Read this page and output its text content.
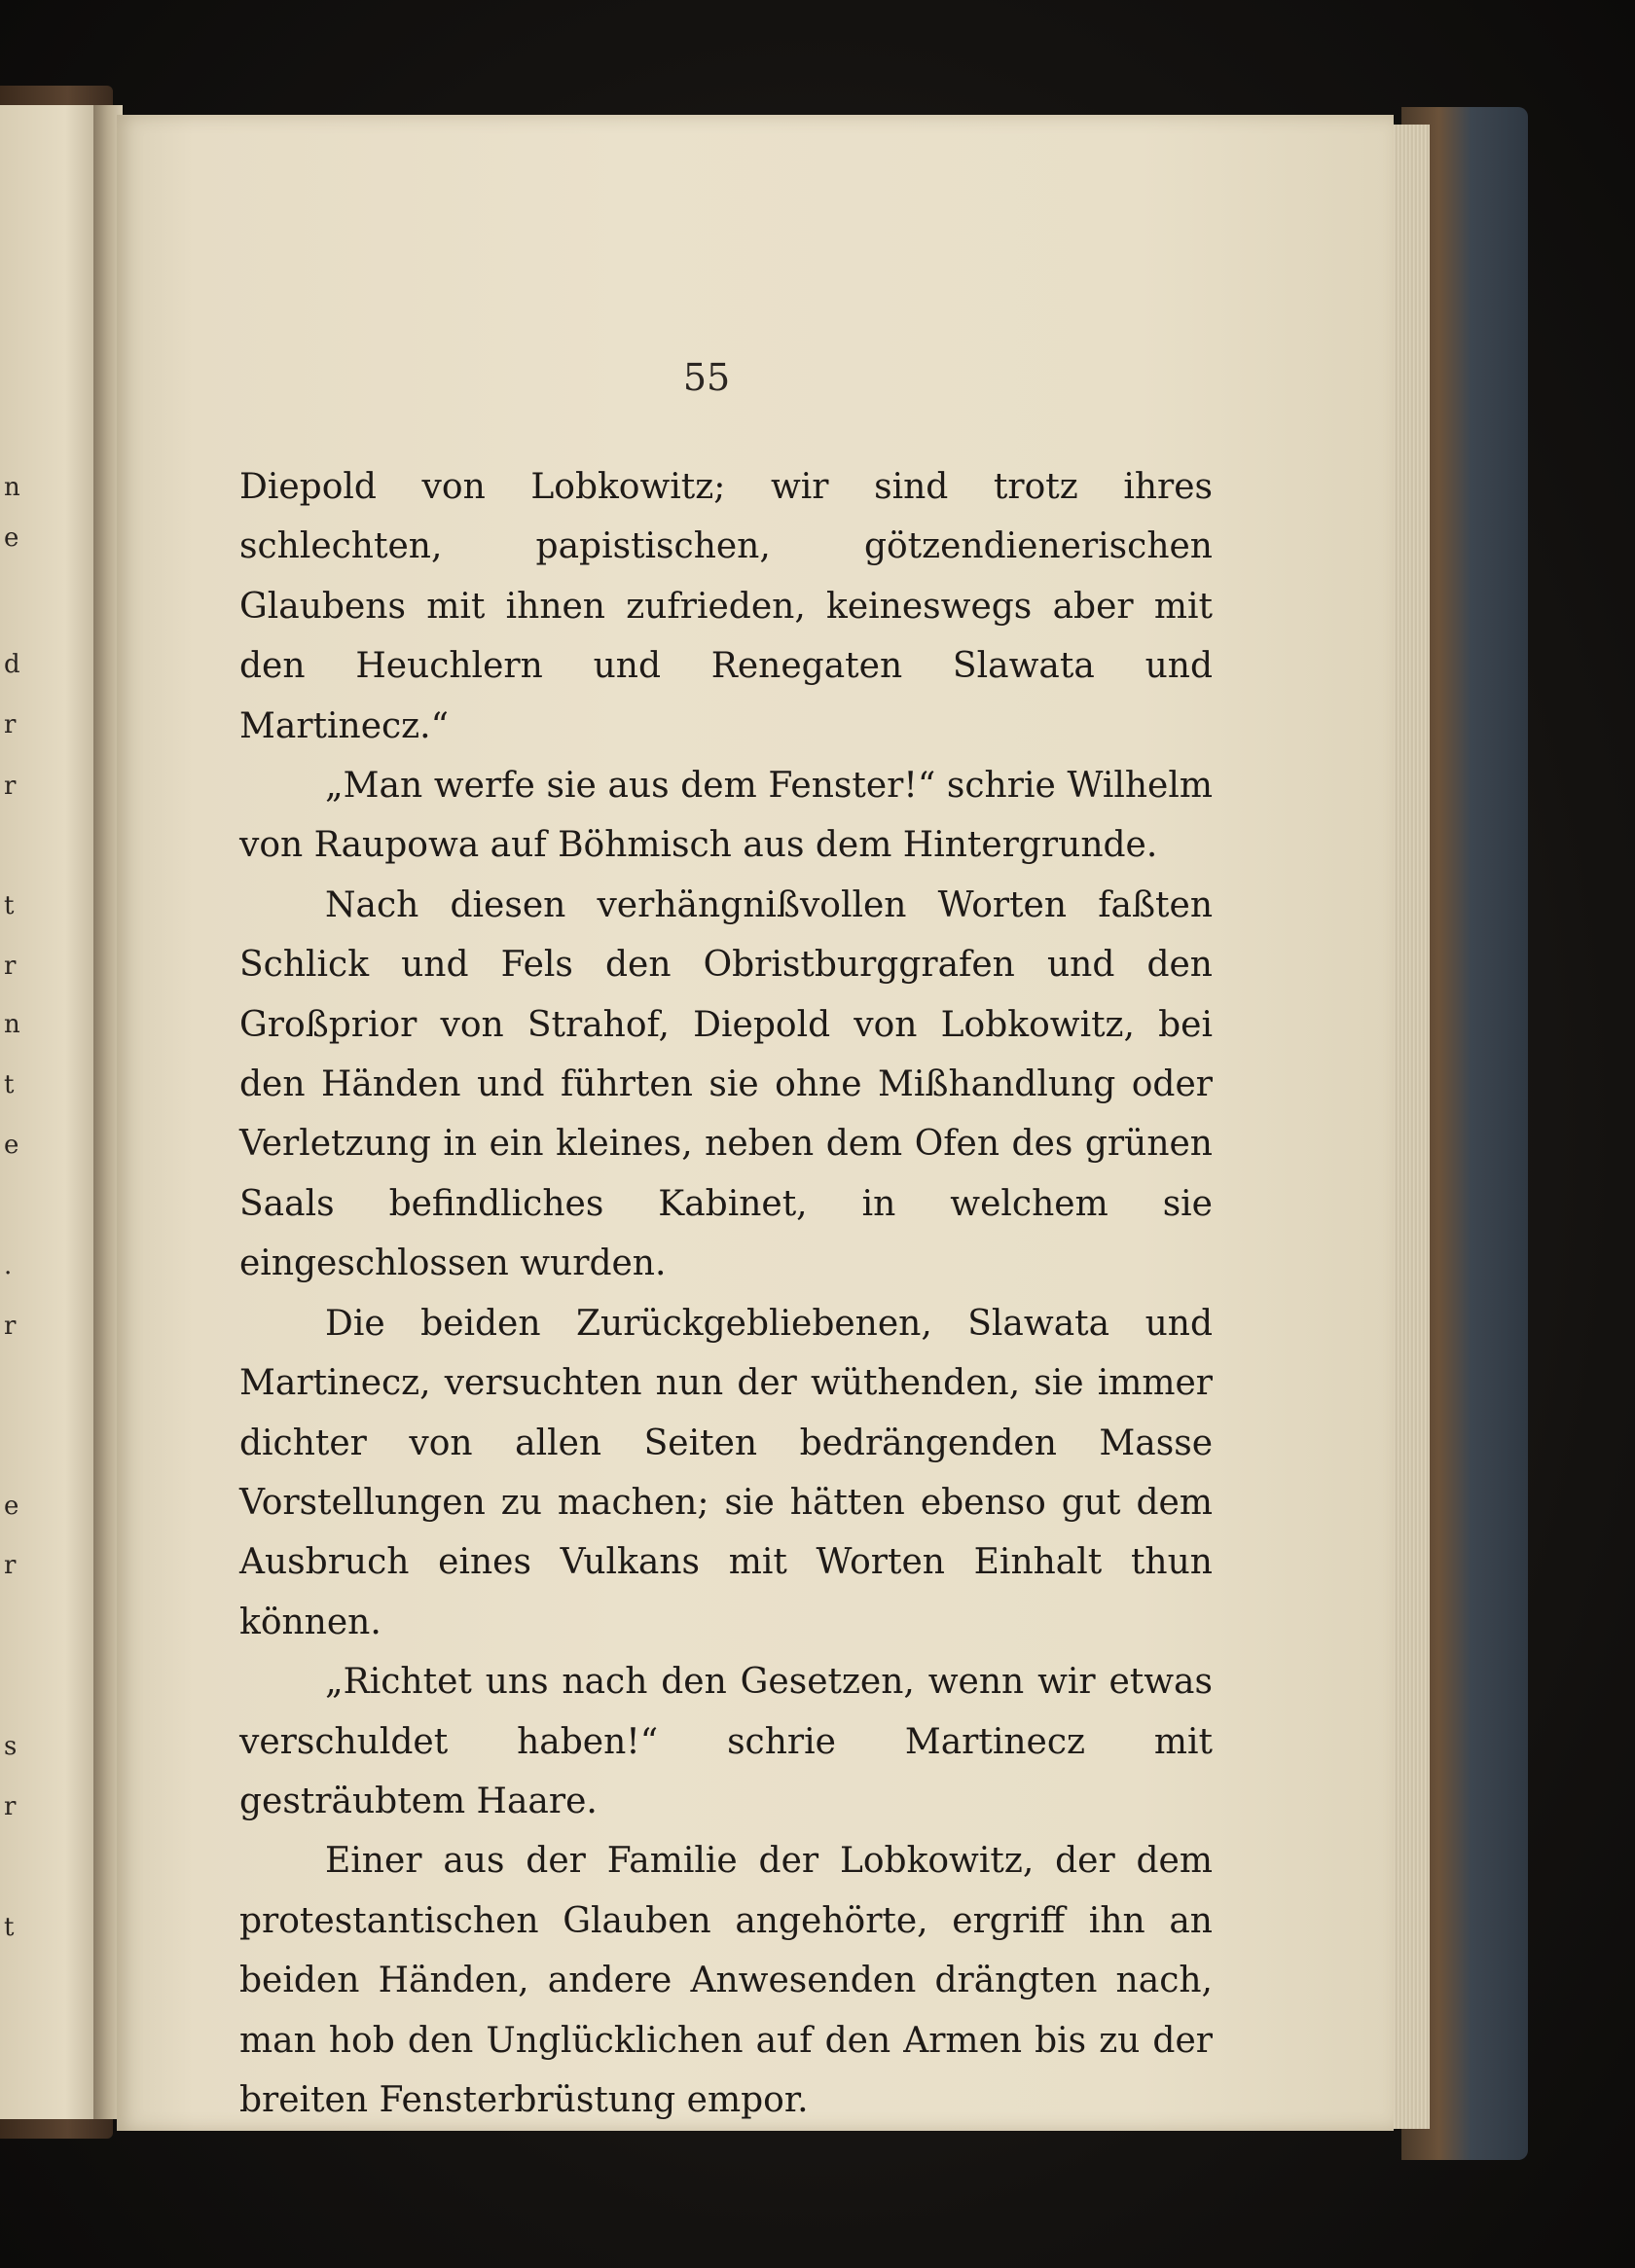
n
e
d
r
r
t
r
n
t
e
.
r
e
r
s
r
t
55

Diepold von Lobkowitz; wir sind trotz ihres schlechten, papistischen, götzendienerischen Glaubens mit ihnen zufrieden, keineswegs aber mit den Heuchlern und Renegaten Slawata und Martinecz.“

„Man werfe sie aus dem Fenster!“ schrie Wilhelm von Raupowa auf Böhmisch aus dem Hintergrunde.

Nach diesen verhängnißvollen Worten faßten Schlick und Fels den Obristburggrafen und den Großprior von Strahof, Diepold von Lobkowitz, bei den Händen und führten sie ohne Mißhandlung oder Verletzung in ein kleines, neben dem Ofen des grünen Saals befindliches Kabinet, in welchem sie eingeschlossen wurden.

Die beiden Zurückgebliebenen, Slawata und Martinecz, versuchten nun der wüthenden, sie immer dichter von allen Seiten bedrängenden Masse Vorstellungen zu machen; sie hätten ebenso gut dem Ausbruch eines Vulkans mit Worten Einhalt thun können.

„Richtet uns nach den Gesetzen, wenn wir etwas verschuldet haben!“ schrie Martinecz mit gesträubtem Haare.

Einer aus der Familie der Lobkowitz, der dem protestantischen Glauben angehörte, ergriff ihn an beiden Händen, andere Anwesenden drängten nach, man hob den Unglücklichen auf den Armen bis zu der breiten Fensterbrüstung empor.
